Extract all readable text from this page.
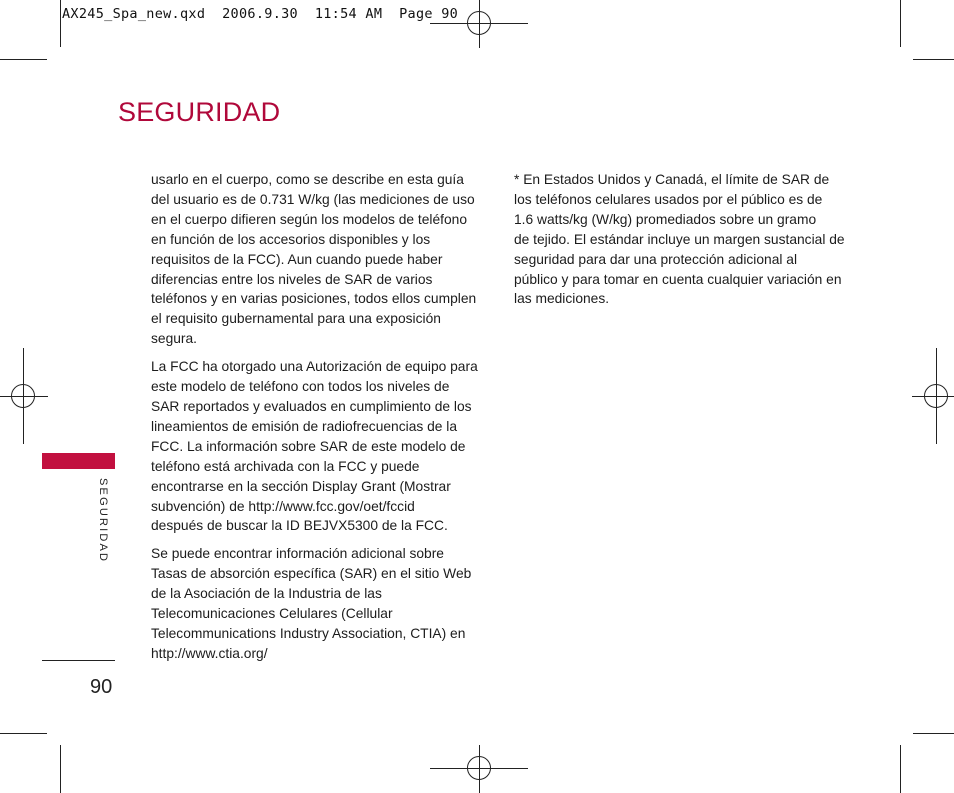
AX245_Spa_new.qxd  2006.9.30  11:54 AM  Page 90
SEGURIDAD

usarlo en el cuerpo, como se describe en esta guía
del usuario es de 0.731 W/kg (las mediciones de uso
en el cuerpo difieren según los modelos de teléfono
en función de los accesorios disponibles y los
requisitos de la FCC). Aun cuando puede haber
diferencias entre los niveles de SAR de varios
teléfonos y en varias posiciones, todos ellos cumplen
el requisito gubernamental para una exposición
segura.

La FCC ha otorgado una Autorización de equipo para
este modelo de teléfono con todos los niveles de
SAR reportados y evaluados en cumplimiento de los
lineamientos de emisión de radiofrecuencias de la
FCC. La información sobre SAR de este modelo de
teléfono está archivada con la FCC y puede
encontrarse en la sección Display Grant (Mostrar
subvención) de http://www.fcc.gov/oet/fccid
después de buscar la ID BEJVX5300 de la FCC.

Se puede encontrar información adicional sobre
Tasas de absorción específica (SAR) en el sitio Web
de la Asociación de la Industria de las
Telecomunicaciones Celulares (Cellular
Telecommunications Industry Association, CTIA) en
http://www.ctia.org/

* En Estados Unidos y Canadá, el límite de SAR de
los teléfonos celulares usados por el público es de
1.6 watts/kg (W/kg) promediados sobre un gramo
de tejido. El estándar incluye un margen sustancial de
seguridad para dar una protección adicional al
público y para tomar en cuenta cualquier variación en
las mediciones.

SEGURIDAD
90
